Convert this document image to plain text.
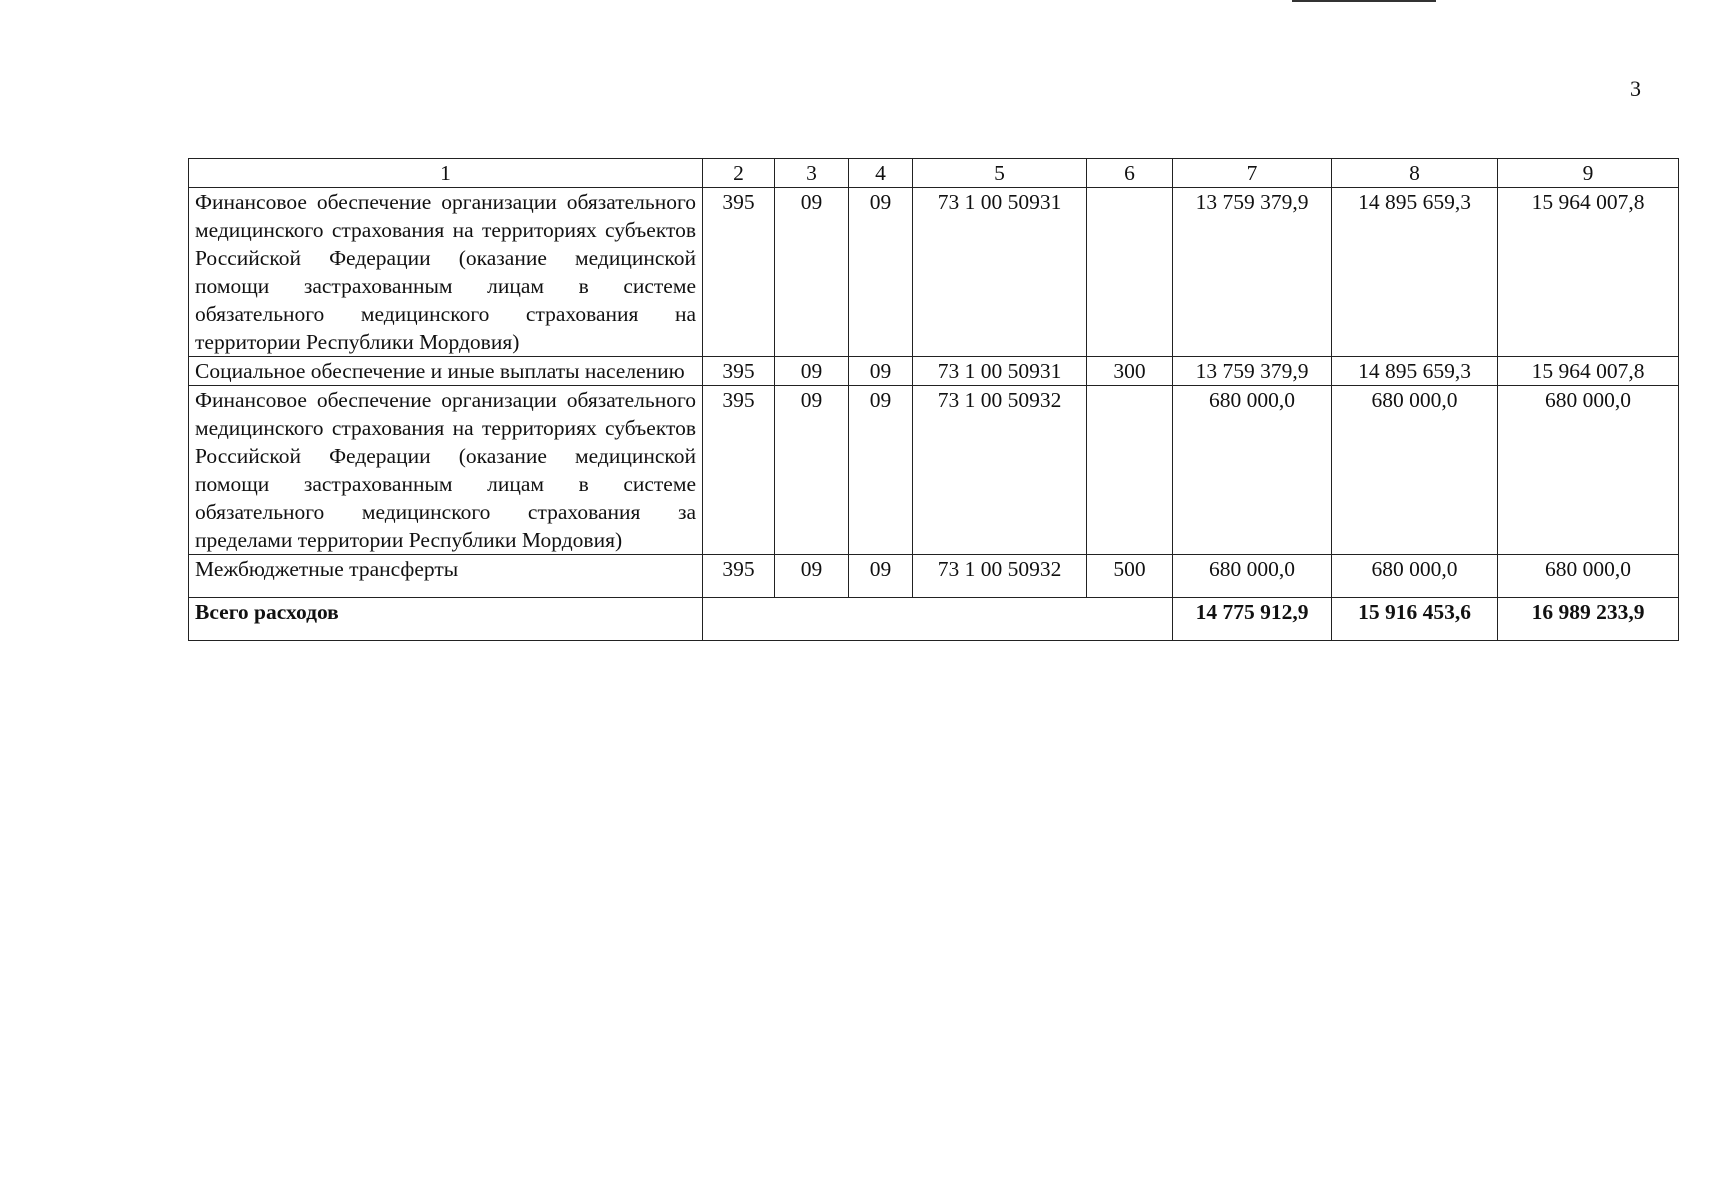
3
1	2	3	4	5	6	7	8	9
Финансовое обеспечение организации обязательного медицинского страхования на территориях субъектов Российской Федерации (оказание медицинской помощи застрахованным лицам в системе обязательного медицинского страхования на территории Республики Мордовия)	395	09	09	73 1 00 50931		13 759 379,9	14 895 659,3	15 964 007,8
Социальное обеспечение и иные выплаты населению	395	09	09	73 1 00 50931	300	13 759 379,9	14 895 659,3	15 964 007,8
Финансовое обеспечение организации обязательного медицинского страхования на территориях субъектов Российской Федерации (оказание медицинской помощи застрахованным лицам в системе обязательного медицинского страхования за пределами территории Республики Мордовия)	395	09	09	73 1 00 50932		680 000,0	680 000,0	680 000,0
Межбюджетные трансферты	395	09	09	73 1 00 50932	500	680 000,0	680 000,0	680 000,0
Всего расходов						14 775 912,9	15 916 453,6	16 989 233,9
